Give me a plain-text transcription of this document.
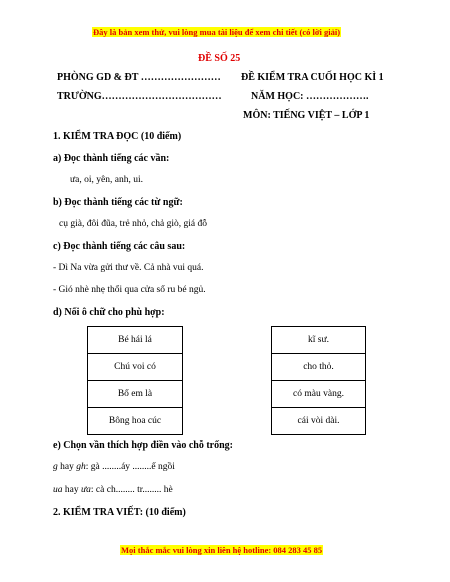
Đây là bản xem thử, vui lòng mua tài liệu để xem chi tiết (có lời giải)
ĐỀ SỐ 25
PHÒNG GD & ĐT ……………………
TRƯỜNG………………………………
ĐỀ KIỂM TRA CUỐI HỌC KÌ 1
NĂM HỌC: ……………….
MÔN: TIẾNG VIỆT – LỚP 1
1. KIỂM TRA ĐỌC (10 điểm)
a) Đọc thành tiếng các vần:
ưa, oi, yên, anh, ui.
b) Đọc thành tiếng các từ ngữ:
cụ già, đôi đũa, trẻ nhỏ, chả giò, giá đỗ
c) Đọc thành tiếng các câu sau:
- Dì Na vừa gửi thư về. Cả nhà vui quá.
- Gió nhè nhẹ thổi qua cửa sổ ru bé ngủ.
d) Nối ô chữ cho phù hợp:
Bé hái lá
Chú voi có
Bố em là
Bông hoa cúc
kĩ sư.
cho thỏ.
có màu vàng.
cái vòi dài.
e) Chọn vần thích hợp điền vào chỗ trống:
g hay gh: gà ........áy ........ế ngồi
ua hay ưa: cà ch........ tr........ hè
2. KIỂM TRA VIẾT: (10 điểm)
Mọi thắc mắc vui lòng xin liên hệ hotline: 084 283 45 85
